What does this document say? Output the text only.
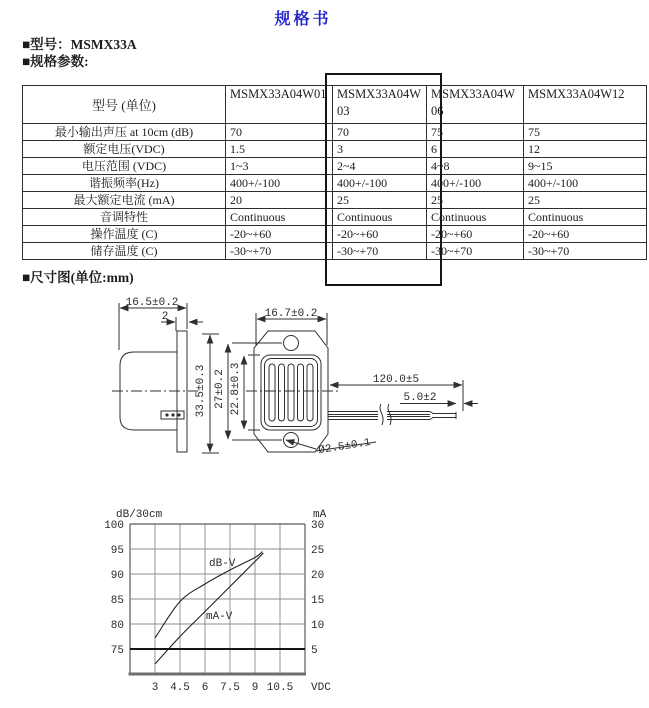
规格书
■型号：MSMX33A
■规格参数:
型号 (单位)	MSMX33A04W01	MSMX33A04W03	MSMX33A04W06	MSMX33A04W12
最小输出声压 at 10cm (dB)	70	70	75	75
额定电压(VDC)	1.5	3	6	12
电压范围 (VDC)	1~3	2~4	4~8	9~15
谐振频率(Hz)	400+/-100	400+/-100	400+/-100	400+/-100
最大额定电流 (mA)	20	25	25	25
音调特性	Continuous	Continuous	Continuous	Continuous
操作温度 (C)	-20~+60	-20~+60	-20~+60	-20~+60
储存温度 (C)	-30~+70	-30~+70	-30~+70	-30~+70
■尺寸图(单位:mm)
16.5±0.2
2
33.5±0.3
16.7±0.2
27±0.2 22.8±0.3
Ø2.5±0.1
120.0±5
5.0±2
100	30
95	25
90	20
85	15
80	10
75	5
3 4.5 6 7.5 9 10.5
dB/30cm	mA
VDC
dB-V
mA-V
